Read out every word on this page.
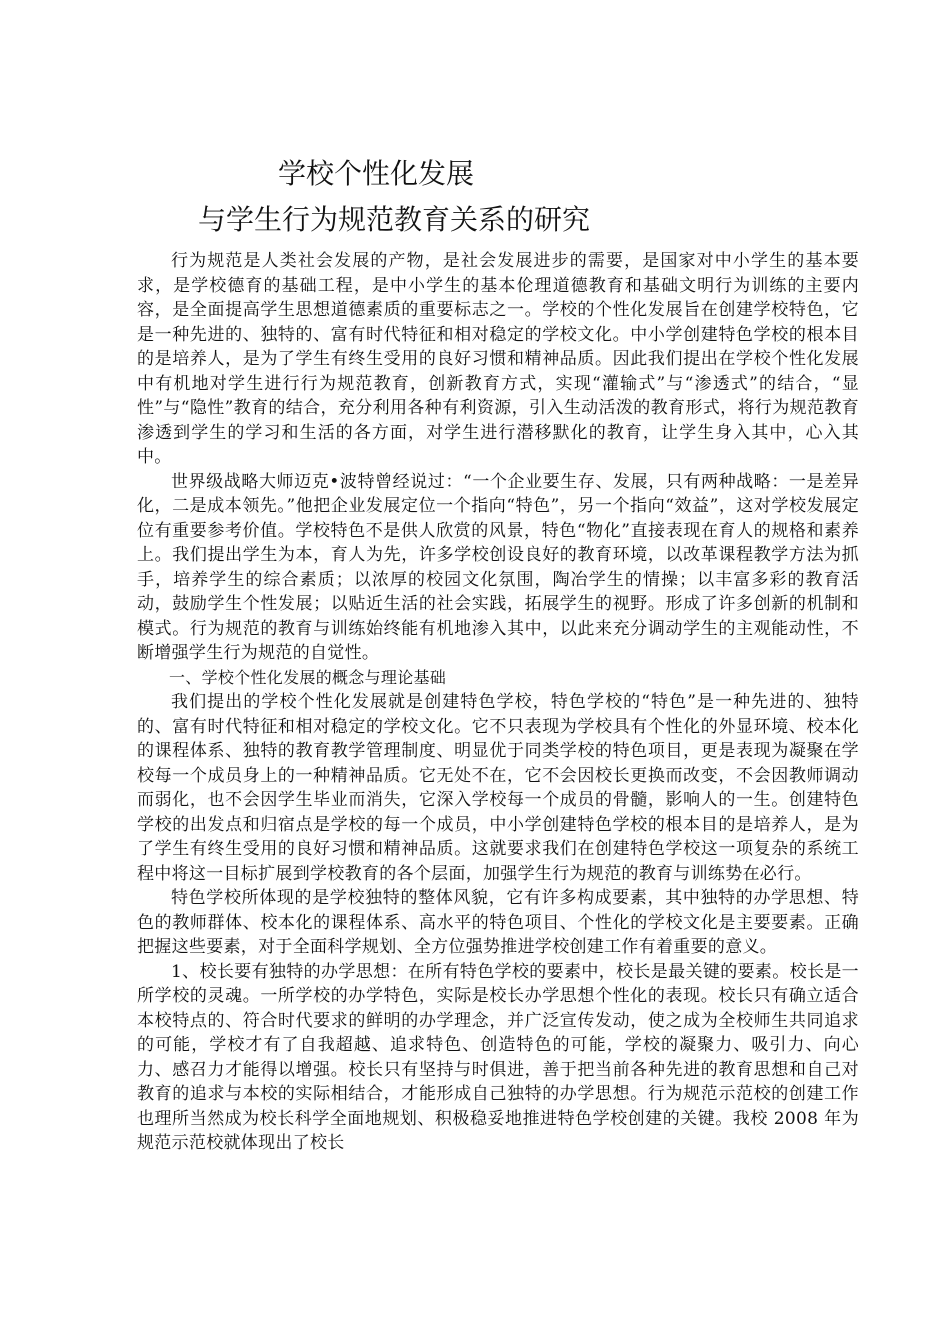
学校个性化发展
与学生行为规范教育关系的研究

行为规范是人类社会发展的产物，是社会发展进步的需要，是国家对中小学生的基本要求，是学校德育的基础工程，是中小学生的基本伦理道德教育和基础文明行为训练的主要内容，是全面提高学生思想道德素质的重要标志之一。学校的个性化发展旨在创建学校特色，它是一种先进的、独特的、富有时代特征和相对稳定的学校文化。中小学创建特色学校的根本目的是培养人，是为了学生有终生受用的良好习惯和精神品质。因此我们提出在学校个性化发展中有机地对学生进行行为规范教育，创新教育方式，实现“灌输式”与“渗透式”的结合，“显性”与“隐性”教育的结合，充分利用各种有利资源，引入生动活泼的教育形式，将行为规范教育渗透到学生的学习和生活的各方面，对学生进行潜移默化的教育，让学生身入其中，心入其中。

世界级战略大师迈克•波特曾经说过：“一个企业要生存、发展，只有两种战略：一是差异化，二是成本领先。”他把企业发展定位一个指向“特色”，另一个指向“效益”，这对学校发展定位有重要参考价值。学校特色不是供人欣赏的风景，特色“物化”直接表现在育人的规格和素养上。我们提出学生为本，育人为先，许多学校创设良好的教育环境，以改革课程教学方法为抓手，培养学生的综合素质；以浓厚的校园文化氛围，陶冶学生的情操；以丰富多彩的教育活动，鼓励学生个性发展；以贴近生活的社会实践，拓展学生的视野。形成了许多创新的机制和模式。行为规范的教育与训练始终能有机地渗入其中，以此来充分调动学生的主观能动性，不断增强学生行为规范的自觉性。

一、学校个性化发展的概念与理论基础

我们提出的学校个性化发展就是创建特色学校，特色学校的“特色”是一种先进的、独特的、富有时代特征和相对稳定的学校文化。它不只表现为学校具有个性化的外显环境、校本化的课程体系、独特的教育教学管理制度、明显优于同类学校的特色项目，更是表现为凝聚在学校每一个成员身上的一种精神品质。它无处不在，它不会因校长更换而改变，不会因教师调动而弱化，也不会因学生毕业而消失，它深入学校每一个成员的骨髓，影响人的一生。创建特色学校的出发点和归宿点是学校的每一个成员，中小学创建特色学校的根本目的是培养人，是为了学生有终生受用的良好习惯和精神品质。这就要求我们在创建特色学校这一项复杂的系统工程中将这一目标扩展到学校教育的各个层面，加强学生行为规范的教育与训练势在必行。

特色学校所体现的是学校独特的整体风貌，它有许多构成要素，其中独特的办学思想、特色的教师群体、校本化的课程体系、高水平的特色项目、个性化的学校文化是主要要素。正确把握这些要素，对于全面科学规划、全方位强势推进学校创建工作有着重要的意义。

1、校长要有独特的办学思想：在所有特色学校的要素中，校长是最关键的要素。校长是一所学校的灵魂。一所学校的办学特色，实际是校长办学思想个性化的表现。校长只有确立适合本校特点的、符合时代要求的鲜明的办学理念，并广泛宣传发动，使之成为全校师生共同追求的可能，学校才有了自我超越、追求特色、创造特色的可能，学校的凝聚力、吸引力、向心力、感召力才能得以增强。校长只有坚持与时俱进，善于把当前各种先进的教育思想和自己对教育的追求与本校的实际相结合，才能形成自己独特的办学思想。行为规范示范校的创建工作也理所当然成为校长科学全面地规划、积极稳妥地推进特色学校创建的关键。我校 2008 年为规范示范校就体现出了校长
